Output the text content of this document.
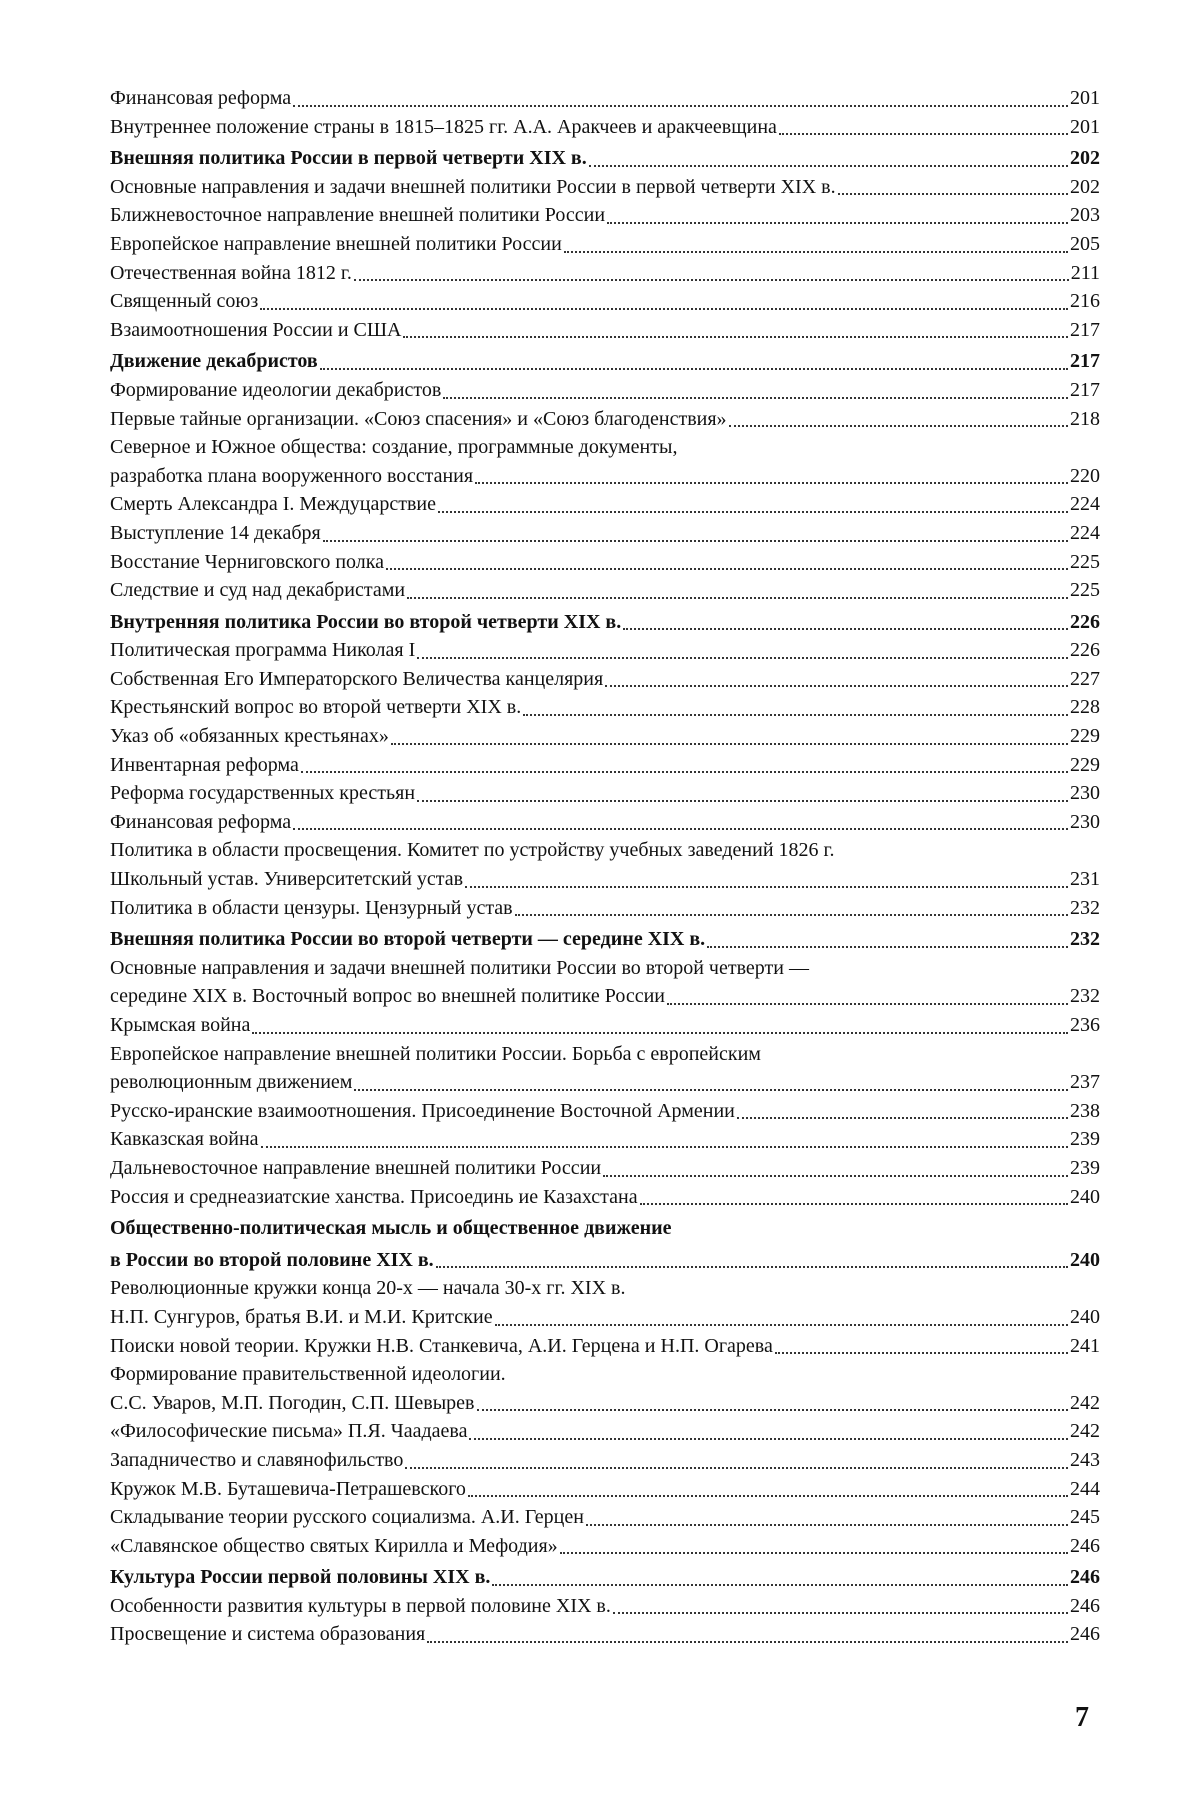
Финансовая реформа	201
Внутреннее положение страны в 1815–1825 гг. А.А. Аракчеев и аракчеевщина	201
Внешняя политика России в первой четверти XIX в.	202
Основные направления и задачи внешней политики России в первой четверти XIX в.	202
Ближневосточное направление внешней политики России	203
Европейское направление внешней политики России	205
Отечественная война 1812 г.	211
Священный союз	216
Взаимоотношения России и США	217
Движение декабристов	217
Формирование идеологии декабристов	217
Первые тайные организации. «Союз спасения» и «Союз благоденствия»	218
Северное и Южное общества: создание, программные документы,
разработка плана вооруженного восстания	220
Смерть Александра I. Междуцарствие	224
Выступление 14 декабря	224
Восстание Черниговского полка	225
Следствие и суд над декабристами	225
Внутренняя политика России во второй четверти XIX в.	226
Политическая программа Николая I	226
Собственная Его Императорского Величества канцелярия	227
Крестьянский вопрос во второй четверти XIX в.	228
Указ об «обязанных крестьянах»	229
Инвентарная реформа	229
Реформа государственных крестьян	230
Финансовая реформа	230
Политика в области просвещения. Комитет по устройству учебных заведений 1826 г.
Школьный устав. Университетский устав	231
Политика в области цензуры. Цензурный устав	232
Внешняя политика России во второй четверти — середине XIX в.	232
Основные направления и задачи внешней политики России во второй четверти —
середине XIX в. Восточный вопрос во внешней политике России	232
Крымская война	236
Европейское направление внешней политики России. Борьба с европейским
революционным движением	237
Русско-иранские взаимоотношения. Присоединение Восточной Армении	238
Кавказская война	239
Дальневосточное направление внешней политики России	239
Россия и среднеазиатские ханства. Присоединь ие Казахстана	240
Общественно-политическая мысль и общественное движение
в России во второй половине XIX в.	240
Революционные кружки конца 20-х — начала 30-х гг. XIX в.
Н.П. Сунгуров, братья В.И. и М.И. Критские	240
Поиски новой теории. Кружки Н.В. Станкевича, А.И. Герцена и Н.П. Огарева	241
Формирование правительственной идеологии.
С.С. Уваров, М.П. Погодин, С.П. Шевырев	242
«Философические письма» П.Я. Чаадаева	242
Западничество и славянофильство	243
Кружок М.В. Буташевича-Петрашевского	244
Складывание теории русского социализма. А.И. Герцен	245
«Славянское общество святых Кирилла и Мефодия»	246
Культура России первой половины XIX в.	246
Особенности развития культуры в первой половине XIX в.	246
Просвещение и система образования	246
7
